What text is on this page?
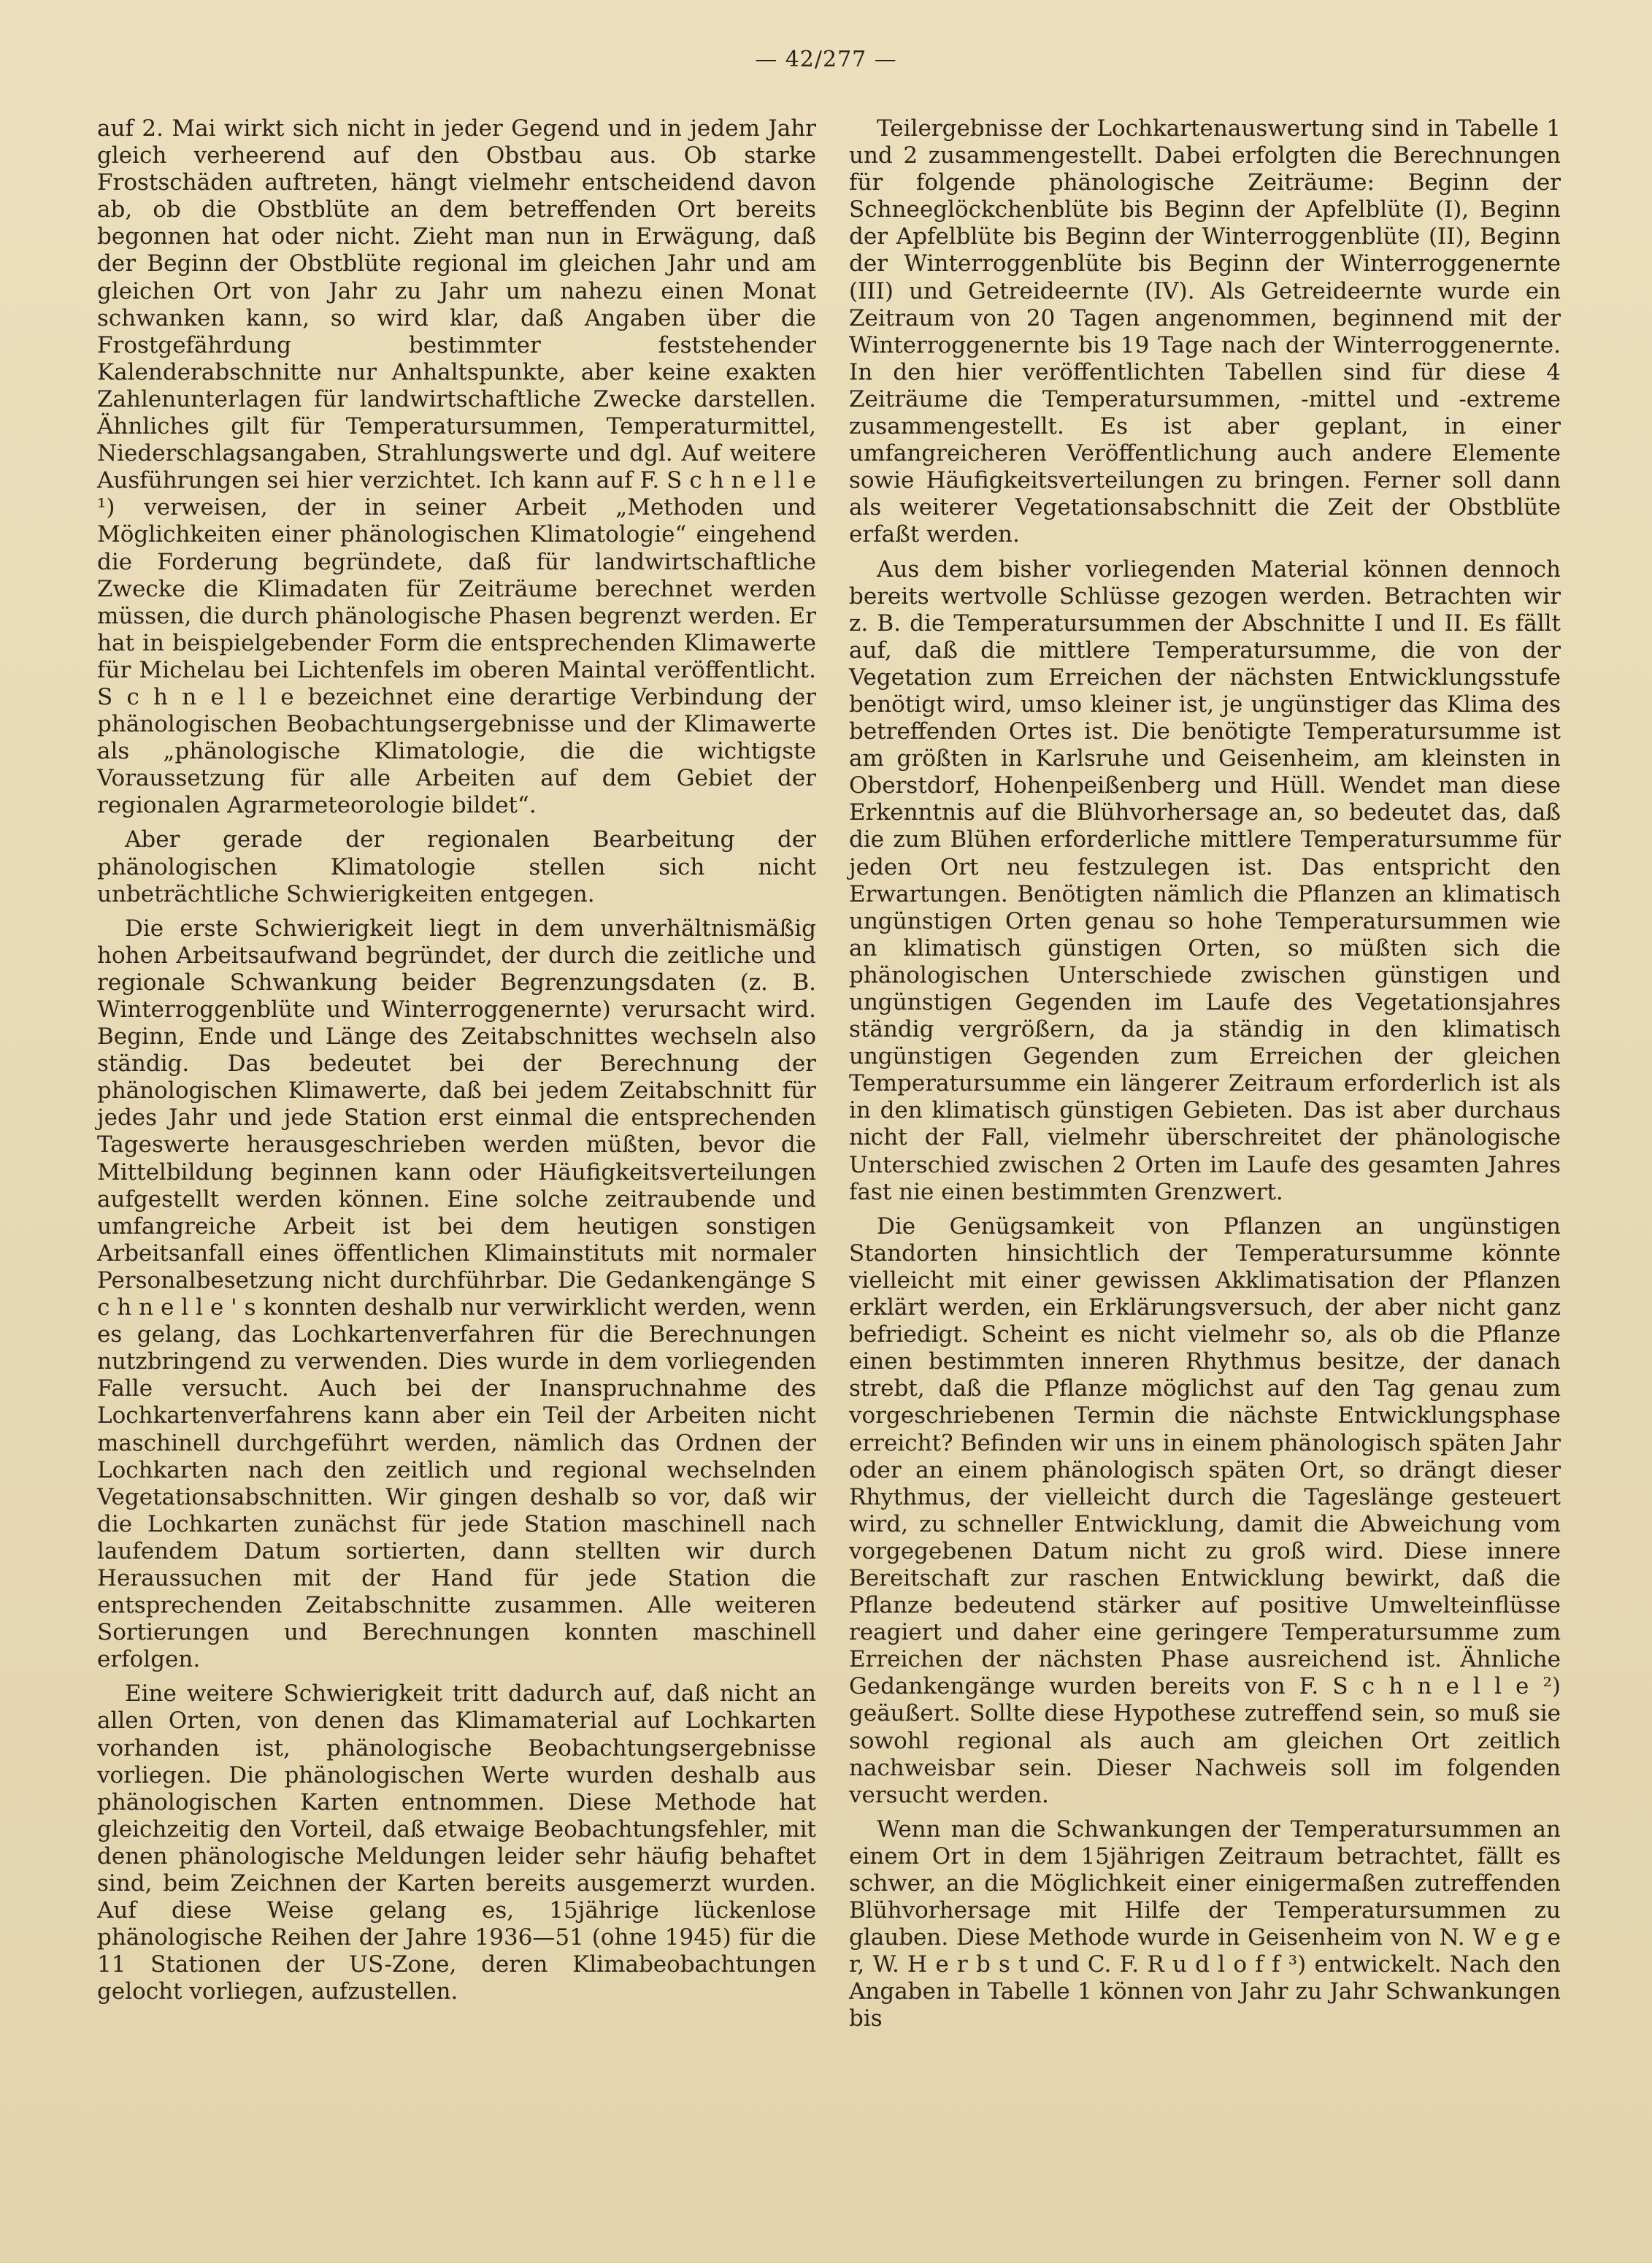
— 42/277 —

auf 2. Mai wirkt sich nicht in jeder Gegend und in jedem Jahr gleich verheerend auf den Obstbau aus. Ob starke Frostschäden auftreten, hängt vielmehr entscheidend davon ab, ob die Obstblüte an dem betreffenden Ort bereits begonnen hat oder nicht. Zieht man nun in Erwägung, daß der Beginn der Obstblüte regional im gleichen Jahr und am gleichen Ort von Jahr zu Jahr um nahezu einen Monat schwanken kann, so wird klar, daß Angaben über die Frostgefährdung bestimmter feststehender Kalenderabschnitte nur Anhaltspunkte, aber keine exakten Zahlenunterlagen für landwirtschaftliche Zwecke darstellen. Ähnliches gilt für Temperatursummen, Temperaturmittel, Niederschlagsangaben, Strahlungswerte und dgl. Auf weitere Ausführungen sei hier verzichtet. Ich kann auf F. S c h n e l l e ¹) verweisen, der in seiner Arbeit „Methoden und Möglichkeiten einer phänologischen Klimatologie“ eingehend die Forderung begründete, daß für landwirtschaftliche Zwecke die Klimadaten für Zeiträume berechnet werden müssen, die durch phänologische Phasen begrenzt werden. Er hat in beispielgebender Form die entsprechenden Klimawerte für Michelau bei Lichtenfels im oberen Maintal veröffentlicht. S c h n e l l e bezeichnet eine derartige Verbindung der phänologischen Beobachtungsergebnisse und der Klimawerte als „phänologische Klimatologie, die die wichtigste Voraussetzung für alle Arbeiten auf dem Gebiet der regionalen Agrarmeteorologie bildet“.

Aber gerade der regionalen Bearbeitung der phänologischen Klimatologie stellen sich nicht unbeträchtliche Schwierigkeiten entgegen.

Die erste Schwierigkeit liegt in dem unverhältnismäßig hohen Arbeitsaufwand begründet, der durch die zeitliche und regionale Schwankung beider Begrenzungsdaten (z. B. Winterroggenblüte und Winterroggenernte) verursacht wird. Beginn, Ende und Länge des Zeitabschnittes wechseln also ständig. Das bedeutet bei der Berechnung der phänologischen Klimawerte, daß bei jedem Zeitabschnitt für jedes Jahr und jede Station erst einmal die entsprechenden Tageswerte herausgeschrieben werden müßten, bevor die Mittelbildung beginnen kann oder Häufigkeitsverteilungen aufgestellt werden können. Eine solche zeitraubende und umfangreiche Arbeit ist bei dem heutigen sonstigen Arbeitsanfall eines öffentlichen Klimainstituts mit normaler Personalbesetzung nicht durchführbar. Die Gedankengänge S c h n e l l e ' s konnten deshalb nur verwirklicht werden, wenn es gelang, das Lochkartenverfahren für die Berechnungen nutzbringend zu verwenden. Dies wurde in dem vorliegenden Falle versucht. Auch bei der Inanspruchnahme des Lochkartenverfahrens kann aber ein Teil der Arbeiten nicht maschinell durchgeführt werden, nämlich das Ordnen der Lochkarten nach den zeitlich und regional wechselnden Vegetationsabschnitten. Wir gingen deshalb so vor, daß wir die Lochkarten zunächst für jede Station maschinell nach laufendem Datum sortierten, dann stellten wir durch Heraussuchen mit der Hand für jede Station die entsprechenden Zeitabschnitte zusammen. Alle weiteren Sortierungen und Berechnungen konnten maschinell erfolgen.

Eine weitere Schwierigkeit tritt dadurch auf, daß nicht an allen Orten, von denen das Klimamaterial auf Lochkarten vorhanden ist, phänologische Beobachtungsergebnisse vorliegen. Die phänologischen Werte wurden deshalb aus phänologischen Karten entnommen. Diese Methode hat gleichzeitig den Vorteil, daß etwaige Beobachtungsfehler, mit denen phänologische Meldungen leider sehr häufig behaftet sind, beim Zeichnen der Karten bereits ausgemerzt wurden. Auf diese Weise gelang es, 15jährige lückenlose phänologische Reihen der Jahre 1936—51 (ohne 1945) für die 11 Stationen der US-Zone, deren Klimabeobachtungen gelocht vorliegen, aufzustellen.

Teilergebnisse der Lochkartenauswertung sind in Tabelle 1 und 2 zusammengestellt. Dabei erfolgten die Berechnungen für folgende phänologische Zeiträume: Beginn der Schneeglöckchenblüte bis Beginn der Apfelblüte (I), Beginn der Apfelblüte bis Beginn der Winterroggenblüte (II), Beginn der Winterroggenblüte bis Beginn der Winterroggenernte (III) und Getreideernte (IV). Als Getreideernte wurde ein Zeitraum von 20 Tagen angenommen, beginnend mit der Winterroggenernte bis 19 Tage nach der Winterroggenernte. In den hier veröffentlichten Tabellen sind für diese 4 Zeiträume die Temperatursummen, -mittel und -extreme zusammengestellt. Es ist aber geplant, in einer umfangreicheren Veröffentlichung auch andere Elemente sowie Häufigkeitsverteilungen zu bringen. Ferner soll dann als weiterer Vegetationsabschnitt die Zeit der Obstblüte erfaßt werden.

Aus dem bisher vorliegenden Material können dennoch bereits wertvolle Schlüsse gezogen werden. Betrachten wir z. B. die Temperatursummen der Abschnitte I und II. Es fällt auf, daß die mittlere Temperatursumme, die von der Vegetation zum Erreichen der nächsten Entwicklungsstufe benötigt wird, umso kleiner ist, je ungünstiger das Klima des betreffenden Ortes ist. Die benötigte Temperatursumme ist am größten in Karlsruhe und Geisenheim, am kleinsten in Oberstdorf, Hohenpeißenberg und Hüll. Wendet man diese Erkenntnis auf die Blühvorhersage an, so bedeutet das, daß die zum Blühen erforderliche mittlere Temperatursumme für jeden Ort neu festzulegen ist. Das entspricht den Erwartungen. Benötigten nämlich die Pflanzen an klimatisch ungünstigen Orten genau so hohe Temperatursummen wie an klimatisch günstigen Orten, so müßten sich die phänologischen Unterschiede zwischen günstigen und ungünstigen Gegenden im Laufe des Vegetationsjahres ständig vergrößern, da ja ständig in den klimatisch ungünstigen Gegenden zum Erreichen der gleichen Temperatursumme ein längerer Zeitraum erforderlich ist als in den klimatisch günstigen Gebieten. Das ist aber durchaus nicht der Fall, vielmehr überschreitet der phänologische Unterschied zwischen 2 Orten im Laufe des gesamten Jahres fast nie einen bestimmten Grenzwert.

Die Genügsamkeit von Pflanzen an ungünstigen Standorten hinsichtlich der Temperatursumme könnte vielleicht mit einer gewissen Akklimatisation der Pflanzen erklärt werden, ein Erklärungsversuch, der aber nicht ganz befriedigt. Scheint es nicht vielmehr so, als ob die Pflanze einen bestimmten inneren Rhythmus besitze, der danach strebt, daß die Pflanze möglichst auf den Tag genau zum vorgeschriebenen Termin die nächste Entwicklungsphase erreicht? Befinden wir uns in einem phänologisch späten Jahr oder an einem phänologisch späten Ort, so drängt dieser Rhythmus, der vielleicht durch die Tageslänge gesteuert wird, zu schneller Entwicklung, damit die Abweichung vom vorgegebenen Datum nicht zu groß wird. Diese innere Bereitschaft zur raschen Entwicklung bewirkt, daß die Pflanze bedeutend stärker auf positive Umwelteinflüsse reagiert und daher eine geringere Temperatursumme zum Erreichen der nächsten Phase ausreichend ist. Ähnliche Gedankengänge wurden bereits von F. S c h n e l l e ²) geäußert. Sollte diese Hypothese zutreffend sein, so muß sie sowohl regional als auch am gleichen Ort zeitlich nachweisbar sein. Dieser Nachweis soll im folgenden versucht werden.

Wenn man die Schwankungen der Temperatursummen an einem Ort in dem 15jährigen Zeitraum betrachtet, fällt es schwer, an die Möglichkeit einer einigermaßen zutreffenden Blühvorhersage mit Hilfe der Temperatursummen zu glauben. Diese Methode wurde in Geisenheim von N. W e g e r, W. H e r b s t und C. F. R u d l o f f ³) entwickelt. Nach den Angaben in Tabelle 1 können von Jahr zu Jahr Schwankungen bis
